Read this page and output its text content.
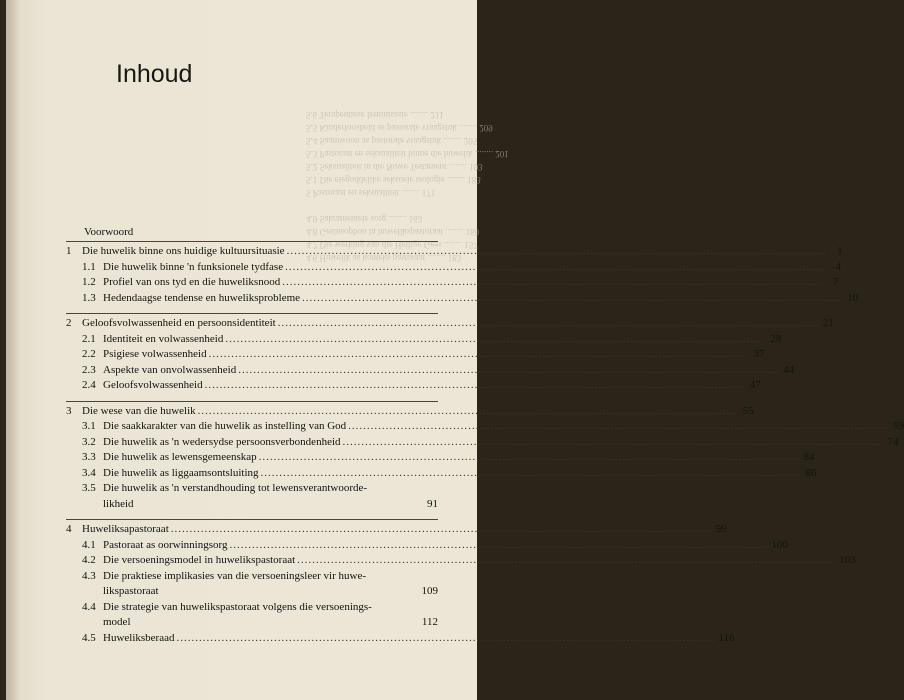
4.6 Huwelik as konteks pastoraat ........ 183
4.7 Die werking van die Heilige Gees ........ 157
4.8 Gesinsopbou in huwelikspastoraat ........ 160
4.9 Sakramentele sorg ........ 163

5 Pastoraat en seksualiteit ........ 171
5.1 Die eiegoddelike seksuele teologie ........ 183
5.2 Seksualiteit in die Nuwe Testament ........ 193
5.3 Pastoraat en seksualiteit binne die huwelik ........ 201
5.4 Saamwoon as pastorale vraagstuk ........ 205
5.5 Kinderloosheid as pastorale vraagstuk ........ 209
5.6 Terapeutiese feminisasie ........ 211
Inhoud
Voorwoord
1 Die huwelik binne ons huidige kultuursituasie .....	1
1.1 Die huwelik binne 'n funksionele tydfase .....	4
1.2 Profiel van ons tyd en die huweliksnood .....	7
1.3 Hedendaagse tendense en huweliksprobleme .....	10
2 Geloofsvolwassenheid en persoonsidentiteit .....	21
2.1 Identiteit en volwassenheid .....	28
2.2 Psigiese volwassenheid .....	37
2.3 Aspekte van onvolwassenheid .....	44
2.4 Geloofsvolwassenheid .....	47
3 Die wese van die huwelik .....	55
3.1 Die saakkarakter van die huwelik as instelling van God .....	59
3.2 Die huwelik as 'n wedersydse persoonsverbondenheid .....	74
3.3 Die huwelik as lewensgemeenskap .....	84
3.4 Die huwelik as liggaamsontsluiting .....	86
3.5 Die huwelik as 'n verstandhouding tot lewensverantwoorde-
likheid	91
4 Huweliksapastoraat .....	99
4.1 Pastoraat as oorwinningsorg .....	100
4.2 Die versoeningsmodel in huwelikspastoraat .....	103
4.3 Die praktiese implikasies van die versoeningsleer vir huwe-
likspastoraat	109
4.4 Die strategie van huwelikspastoraat volgens die versoenings-
model	112
4.5 Huweliksberaad .....	116
